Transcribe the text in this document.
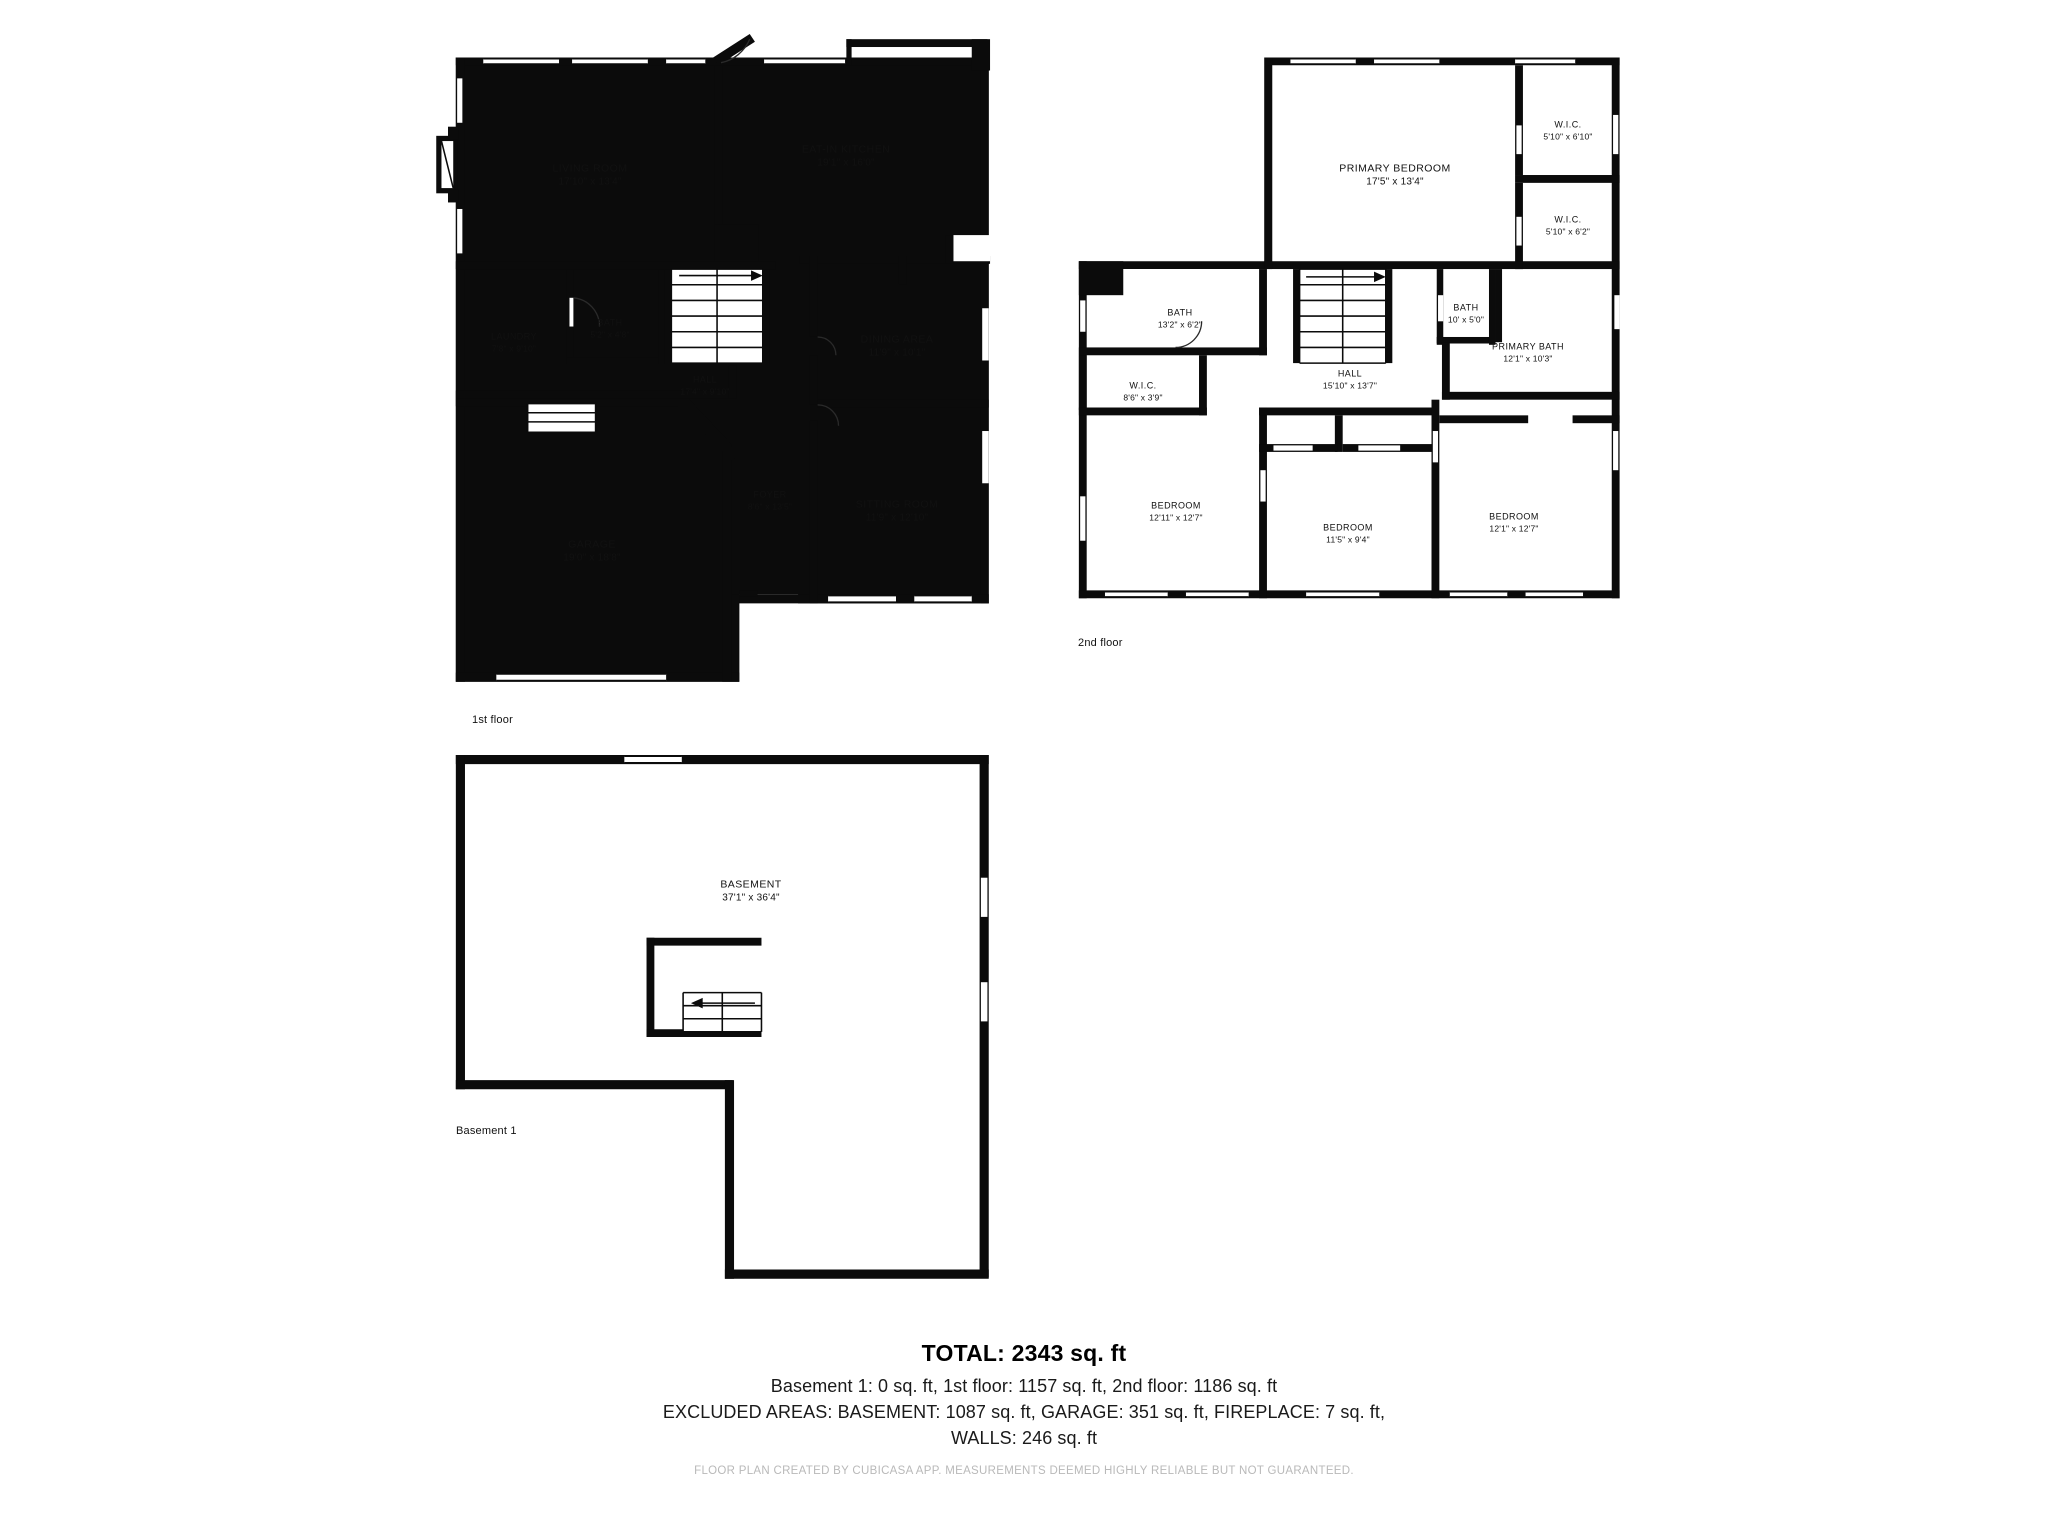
LIVING ROOM
17'10" x 13'4"
EAT-IN KITCHEN
19'1" x 16'0"
LAUNDRY
7'8" x 9'10"
BATH
5'2" x 4'8"	DINING AREA
11'9" x 10'1"
HALL
17'4" x 9'10"
FOYER
8'6" x 13'5"	SITTING ROOM
11'9" x 12'10"
GARAGE
19'0" x 18'8"
PRIMARY BEDROOM
17'5" x 13'4"
W.I.C.
5'10" x 6'10"
W.I.C.
5'10" x 6'2"
BATH
13'2" x 6'2"
BATH
10' x 5'0"
PRIMARY BATH
12'1" x 10'3"
W.I.C.
8'6" x 3'9"
HALL
15'10" x 13'7"
BEDROOM
12'11" x 12'7"
BEDROOM
11'5" x 9'4"
BEDROOM
12'1" x 12'7"
BASEMENT
37'1" x 36'4"
1st floor
2nd floor
Basement 1
TOTAL: 2343 sq. ft
Basement 1: 0 sq. ft, 1st floor: 1157 sq. ft, 2nd floor: 1186 sq. ft
EXCLUDED AREAS: BASEMENT: 1087 sq. ft, GARAGE: 351 sq. ft, FIREPLACE: 7 sq. ft,
WALLS: 246 sq. ft
FLOOR PLAN CREATED BY CUBICASA APP. MEASUREMENTS DEEMED HIGHLY RELIABLE BUT NOT GUARANTEED.
